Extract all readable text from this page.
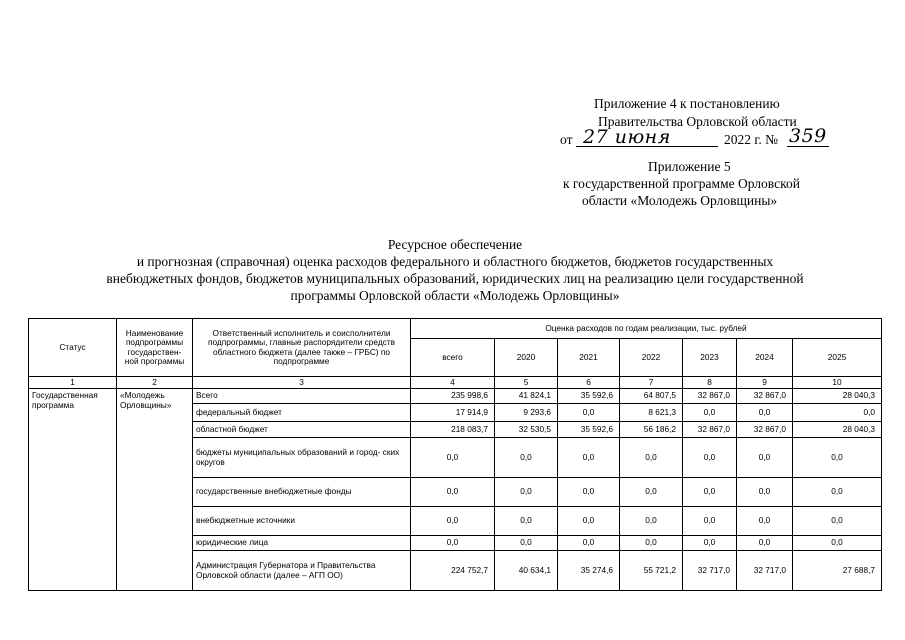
Приложение 4 к постановлению
Правительства Орловской области
от 27 июня	2022 г. № 359
Приложение 5
к государственной программе Орловской
области «Молодежь Орловщины»
Ресурсное обеспечение
и прогнозная (справочная) оценка расходов федерального и областного бюджетов, бюджетов государственных
внебюджетных фондов, бюджетов муниципальных образований, юридических лиц на реализацию цели государственной
программы Орловской области «Молодежь Орловщины»
Статус	Наименование подпрограммы государствен- ной программы	Ответственный исполнитель и соисполнители подпрограммы, главные распорядители средств областного бюджета (далее также – ГРБС) по подпрограмме	Оценка расходов по годам реализации, тыс. рублей						
			всего	2020	2021	2022	2023	2024	2025
1	2	3	4	5	6	7	8	9	10
Государственная программа	«Молодежь Орловщины»	Всего	235 998,6	41 824,1	35 592,6	64 807,5	32 867,0	32 867,0	28 040,3
		федеральный бюджет	17 914,9	9 293,6	0,0	8 621,3	0,0	0,0	0,0
		областной бюджет	218 083,7	32 530,5	35 592,6	56 186,2	32 867,0	32 867,0	28 040,3
		бюджеты муниципальных образований и город- ских округов	0,0	0,0	0,0	0,0	0,0	0,0	0,0
		государственные внебюджетные фонды	0,0	0,0	0,0	0,0	0,0	0,0	0,0
		внебюджетные источники	0,0	0,0	0,0	0,0	0,0	0,0	0,0
		юридические лица	0,0	0,0	0,0	0,0	0,0	0,0	0,0
		Администрация Губернатора и Правительства Орловской области (далее – АГП ОО)	224 752,7	40 634,1	35 274,6	55 721,2	32 717,0	32 717,0	27 688,7
